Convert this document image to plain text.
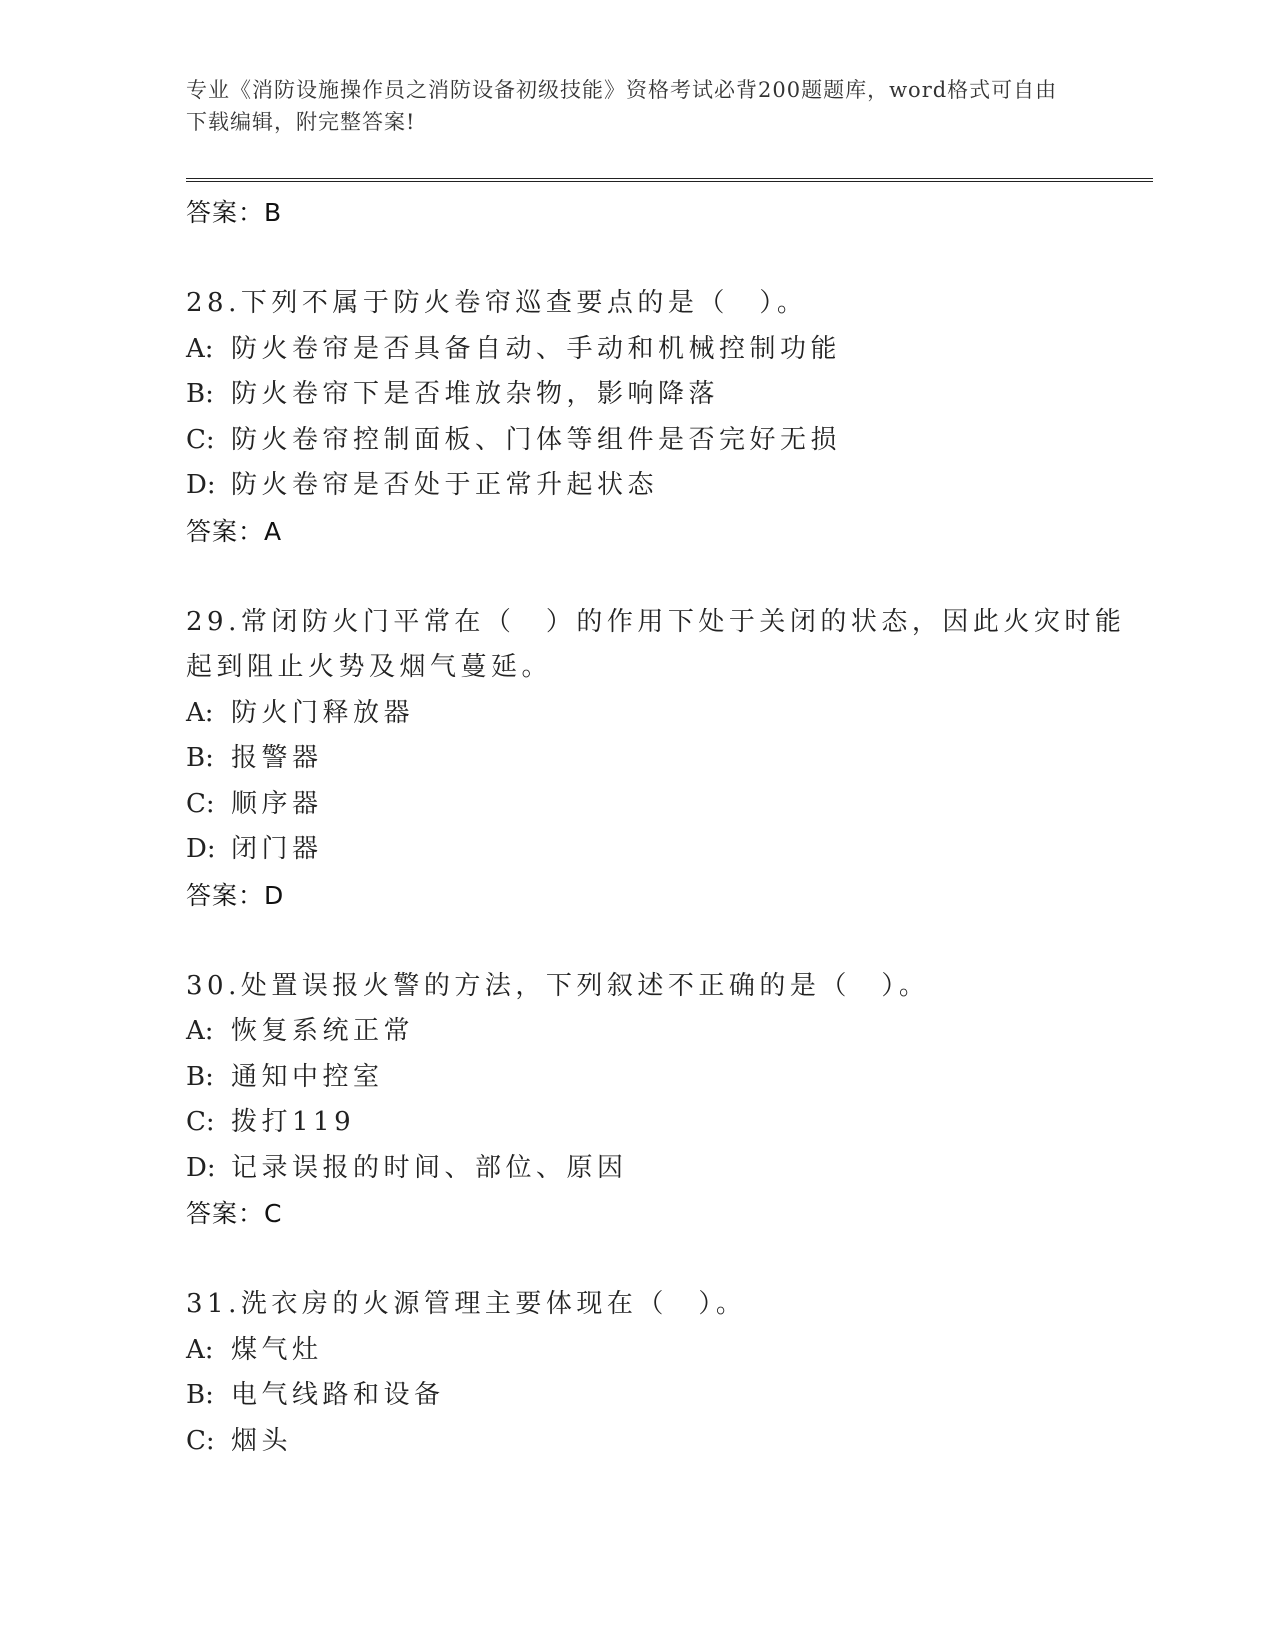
专业《消防设施操作员之消防设备初级技能》资格考试必背200题题库，word格式可自由下载编辑，附完整答案!
答案：B
28.下列不属于防火卷帘巡查要点的是（　）。
A: 防火卷帘是否具备自动、手动和机械控制功能
B: 防火卷帘下是否堆放杂物，影响降落
C: 防火卷帘控制面板、门体等组件是否完好无损
D: 防火卷帘是否处于正常升起状态
答案：A
29.常闭防火门平常在（　）的作用下处于关闭的状态，因此火灾时能起到阻止火势及烟气蔓延。
A: 防火门释放器
B: 报警器
C: 顺序器
D: 闭门器
答案：D
30.处置误报火警的方法，下列叙述不正确的是（　）。
A: 恢复系统正常
B: 通知中控室
C: 拨打119
D: 记录误报的时间、部位、原因
答案：C
31.洗衣房的火源管理主要体现在（　）。
A: 煤气灶
B: 电气线路和设备
C: 烟头
